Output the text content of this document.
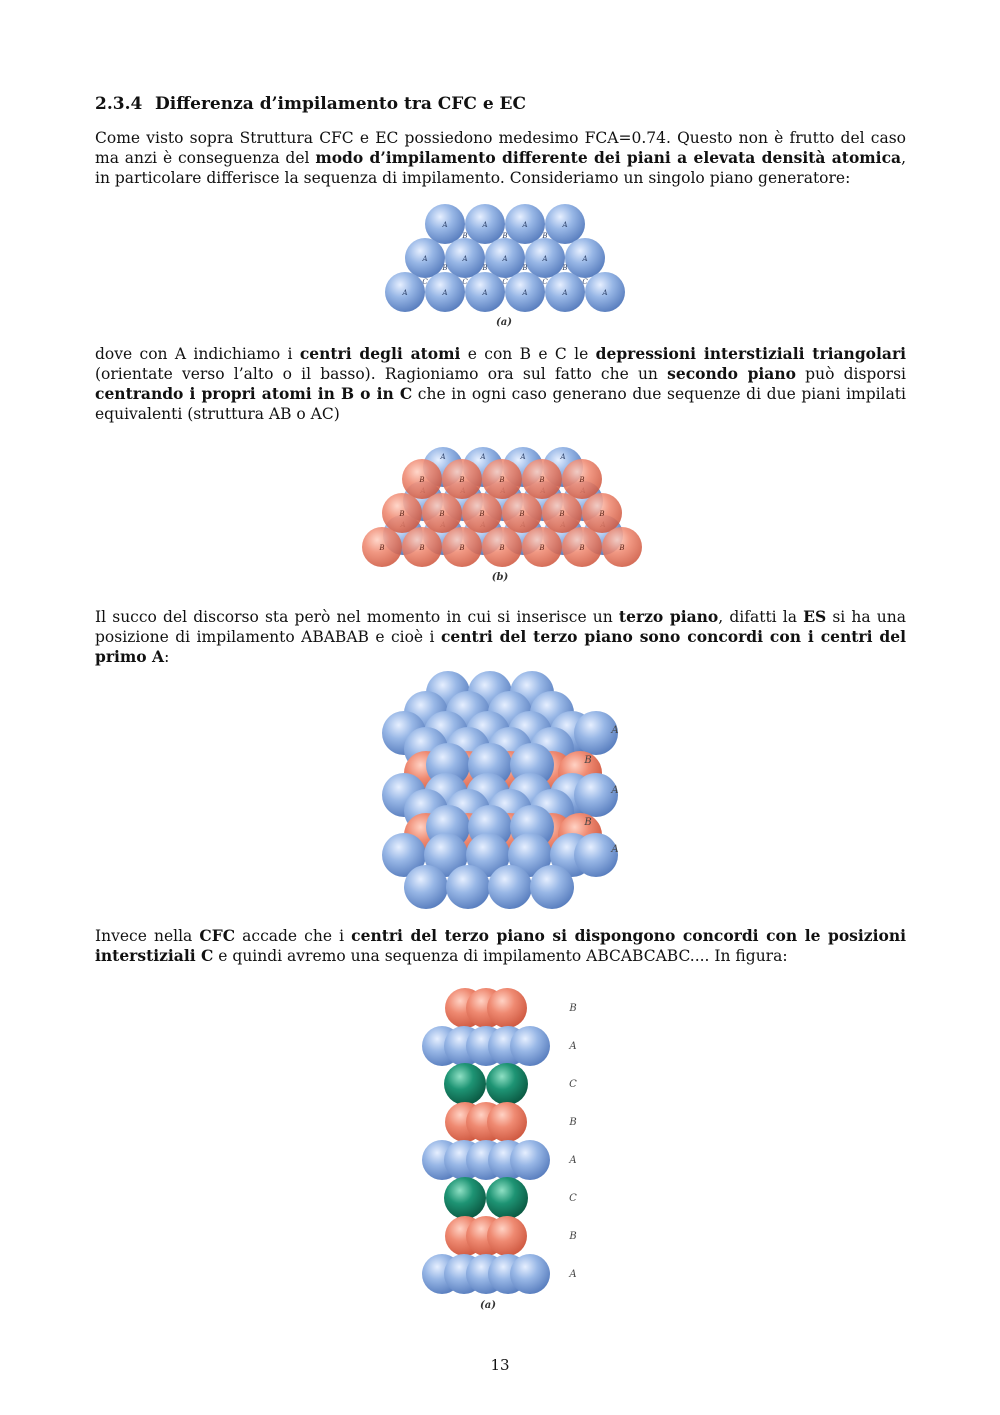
2.3.4 Differenza d’impilamento tra CFC e EC

Come visto sopra Struttura CFC e EC possiedono medesimo FCA=0.74. Questo non è frutto del caso ma anzi è conseguenza del modo d’impilamento differente dei piani a elevata densità atomica, in particolare differisce la sequenza di impilamento. Consideriamo un singolo piano generatore:

A	A	A	A
A	A	A	A	A
A	A	A	A	A	A
B	B	B
B	B	B	B
C	C	C	C	C
(a)

dove con A indichiamo i centri degli atomi e con B e C le depressioni interstiziali triangolari (orientate verso l’alto o il basso). Ragioniamo ora sul fatto che un secondo piano può disporsi centrando i propri atomi in B o in C che in ogni caso generano due sequenze di due piani impilati equivalenti (struttura AB o AC)

A	A	A	A
B	B	B	B	B
B	B	B	B	B	B
B	B	B	B	B	B	B
(b)

Il succo del discorso sta però nel momento in cui si inserisce un terzo piano, difatti la ES si ha una posizione di impilamento ABABAB e cioè i centri del terzo piano sono concordi con i centri del primo A:

A
B
A
B
A

Invece nella CFC accade che i centri del terzo piano si dispongono concordi con le posizioni interstiziali C e quindi avremo una sequenza di impilamento ABCABCABC.... In figura:

B
A
C
B
A
C
B
A
(a)
13
